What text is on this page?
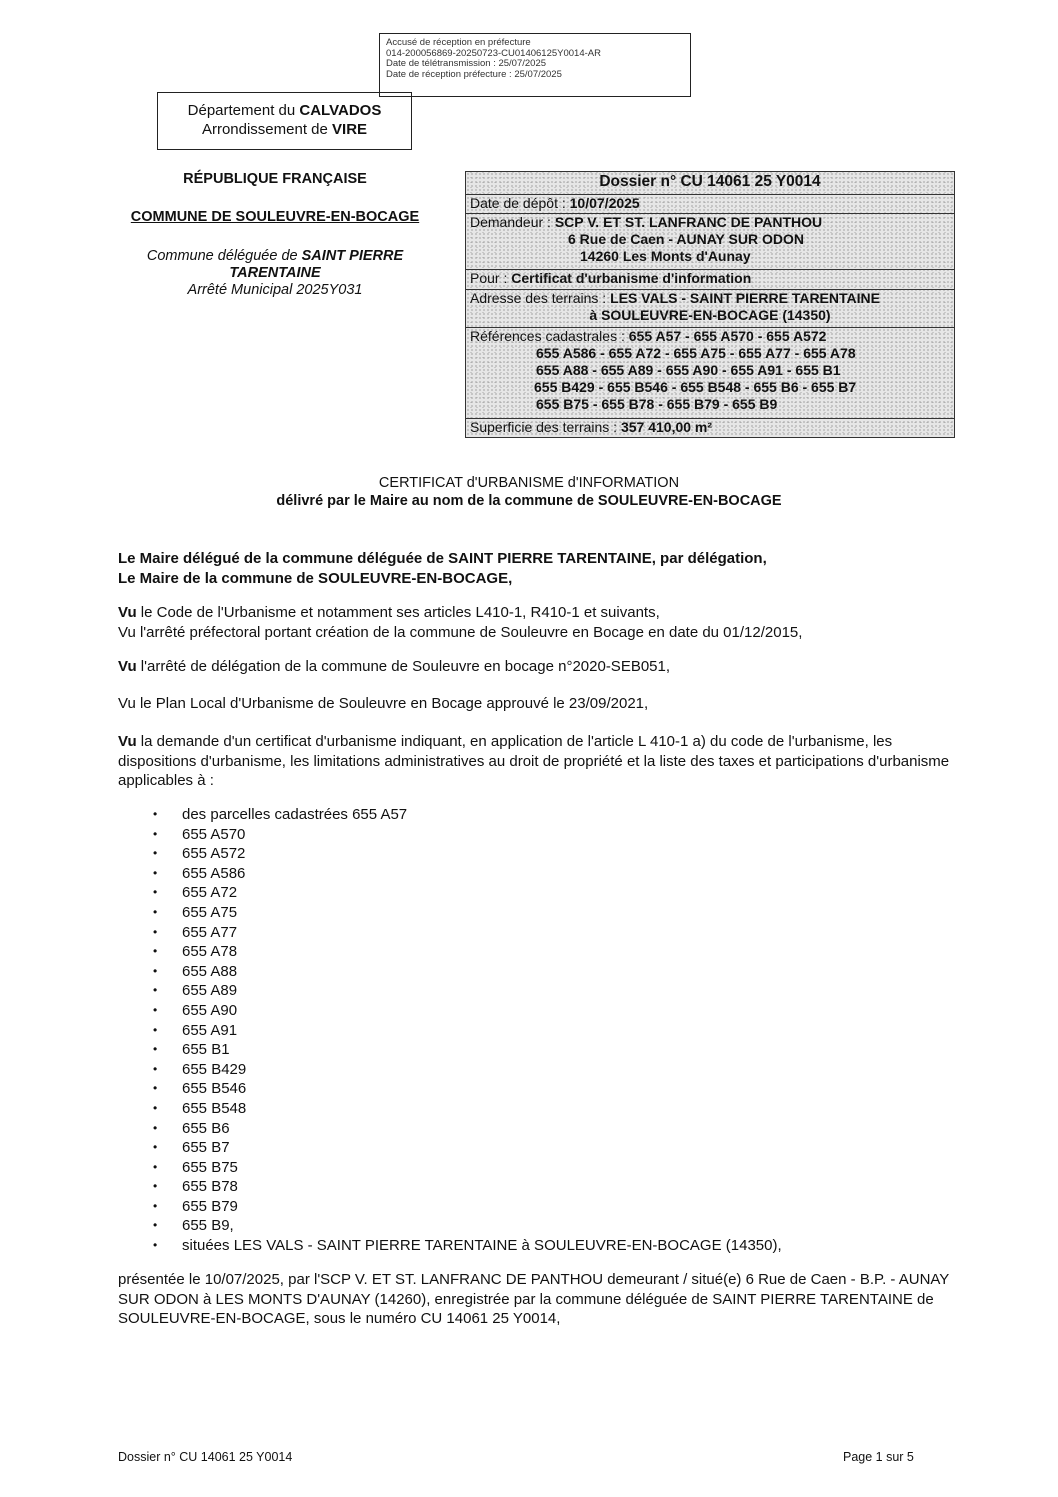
Accusé de réception en préfecture
014-200056869-20250723-CU01406125Y0014-AR
Date de télétransmission : 25/07/2025
Date de réception préfecture : 25/07/2025
Département du CALVADOS
Arrondissement de VIRE
RÉPUBLIQUE FRANÇAISE
COMMUNE DE SOULEUVRE-EN-BOCAGE
Commune déléguée de SAINT PIERRE TARENTAINE
Arrêté Municipal 2025Y031
Dossier n° CU 14061 25 Y0014
Date de dépôt : 10/07/2025
Demandeur : SCP V. ET ST. LANFRANC DE PANTHOU
6 Rue de Caen - AUNAY SUR ODON
14260 Les Monts d'Aunay
Pour : Certificat d'urbanisme d'information
Adresse des terrains : LES VALS - SAINT PIERRE TARENTAINE
à SOULEUVRE-EN-BOCAGE (14350)
Références cadastrales : 655 A57 - 655 A570 - 655 A572
655 A586 - 655 A72 - 655 A75 - 655 A77 - 655 A78
655 A88 - 655 A89 - 655 A90 - 655 A91 - 655 B1
655 B429 - 655 B546 - 655 B548 - 655 B6 - 655 B7
655 B75 - 655 B78 - 655 B79 - 655 B9
Superficie des terrains : 357 410,00 m²
CERTIFICAT d'URBANISME d'INFORMATION
délivré par le Maire au nom de la commune de SOULEUVRE-EN-BOCAGE
Le Maire délégué de la commune déléguée de SAINT PIERRE TARENTAINE, par délégation,
Le Maire de la commune de SOULEUVRE-EN-BOCAGE,
Vu le Code de l'Urbanisme et notamment ses articles L410-1, R410-1 et suivants,
Vu l'arrêté préfectoral portant création de la commune de Souleuvre en Bocage en date du 01/12/2015,
Vu l'arrêté de délégation de la commune de Souleuvre en bocage n°2020-SEB051,
Vu le Plan Local d'Urbanisme de Souleuvre en Bocage approuvé le 23/09/2021,
Vu la demande d'un certificat d'urbanisme indiquant, en application de l'article L 410-1 a) du code de l'urbanisme, les dispositions d'urbanisme, les limitations administratives au droit de propriété et la liste des taxes et participations d'urbanisme applicables à :
• des parcelles cadastrées 655 A57
• 655 A570
• 655 A572
• 655 A586
• 655 A72
• 655 A75
• 655 A77
• 655 A78
• 655 A88
• 655 A89
• 655 A90
• 655 A91
• 655 B1
• 655 B429
• 655 B546
• 655 B548
• 655 B6
• 655 B7
• 655 B75
• 655 B78
• 655 B79
• 655 B9,
• situées LES VALS - SAINT PIERRE TARENTAINE à SOULEUVRE-EN-BOCAGE (14350),
présentée le 10/07/2025, par l'SCP V. ET ST. LANFRANC DE PANTHOU demeurant / situé(e) 6 Rue de Caen - B.P. - AUNAY SUR ODON à LES MONTS D'AUNAY (14260), enregistrée par la commune déléguée de SAINT PIERRE TARENTAINE de SOULEUVRE-EN-BOCAGE, sous le numéro CU 14061 25 Y0014,
Dossier n° CU 14061 25 Y0014	Page 1 sur 5
